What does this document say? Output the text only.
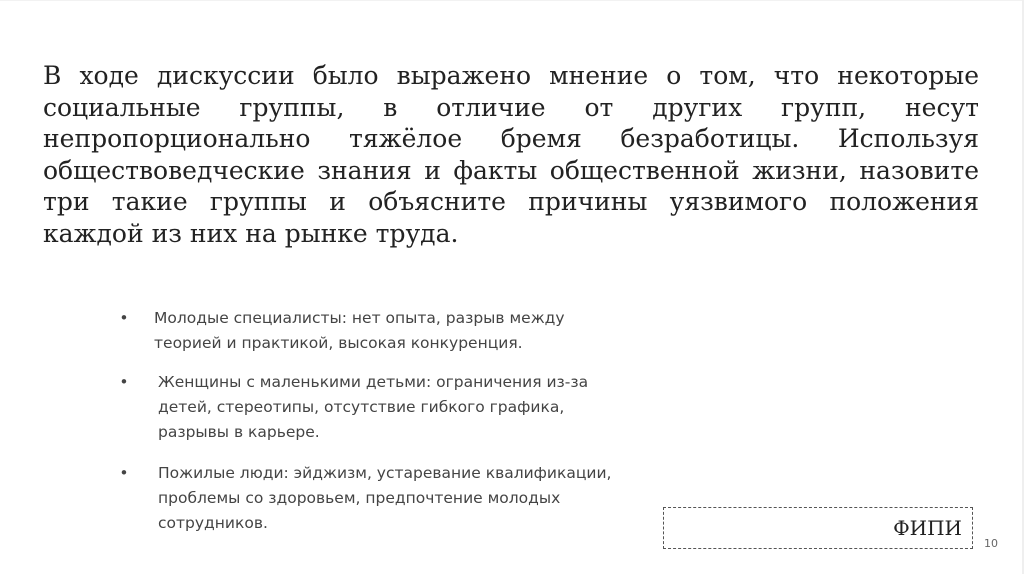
В ходе дискуссии было выражено мнение о том, что некоторые социальные группы, в отличие от других групп, несут непропорционально тяжёлое бремя безработицы. Используя обществоведческие знания и факты общественной жизни, назовите три такие группы и объясните причины уязвимого положения каждой из них на рынке труда.

• Молодые специалисты: нет опыта, разрыв между теорией и практикой, высокая конкуренция.
• Женщины с маленькими детьми: ограничения из-за детей, стереотипы, отсутствие гибкого графика, разрывы в карьере.
• Пожилые люди: эйджизм, устаревание квалификации, проблемы со здоровьем, предпочтение молодых сотрудников.	ФИПИ
10
